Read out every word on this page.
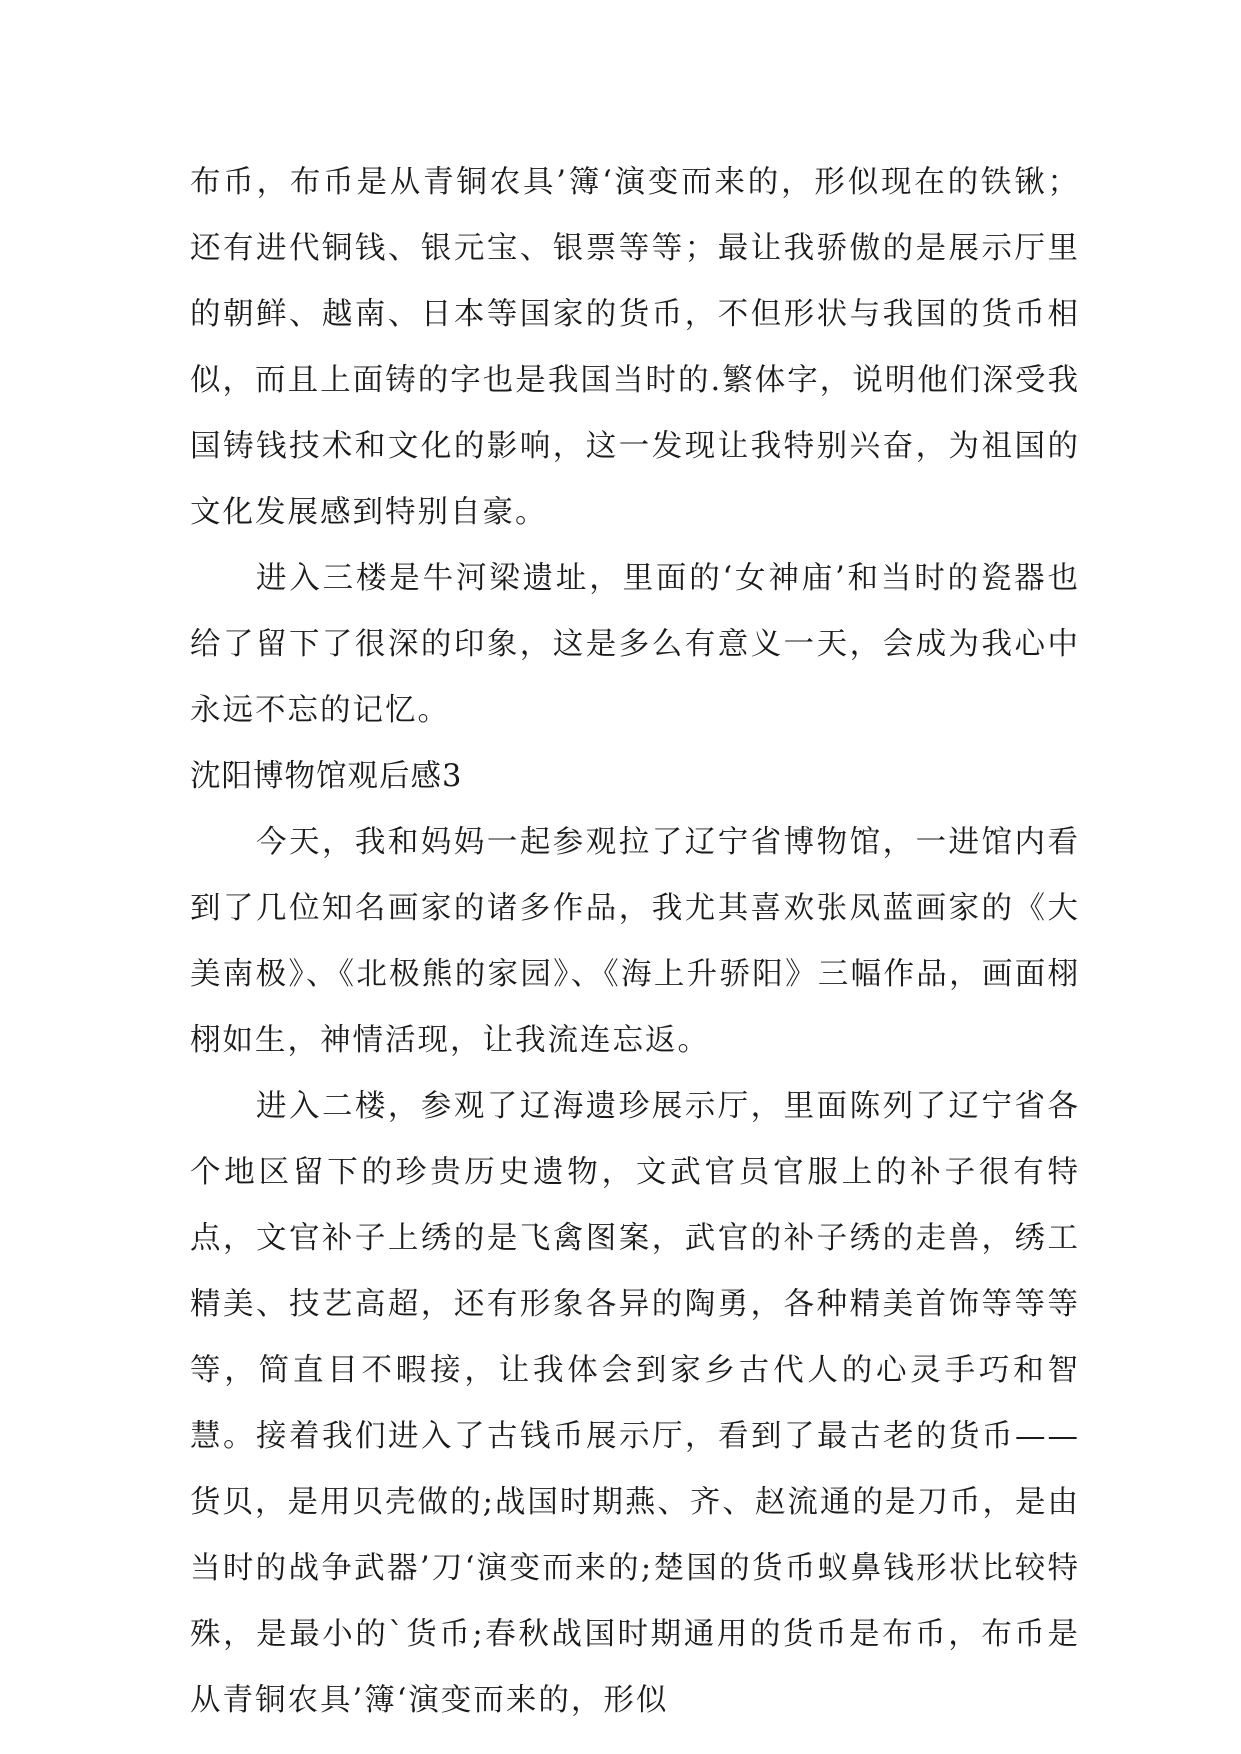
布币，布币是从青铜农具’簿‘演变而来的，形似现在的铁锹；还有进代铜钱、银元宝、银票等等；最让我骄傲的是展示厅里的朝鲜、越南、日本等国家的货币，不但形状与我国的货币相似，而且上面铸的字也是我国当时的.繁体字，说明他们深受我国铸钱技术和文化的影响，这一发现让我特别兴奋，为祖国的文化发展感到特别自豪。

进入三楼是牛河梁遗址，里面的‘女神庙’和当时的瓷器也给了留下了很深的印象，这是多么有意义一天，会成为我心中永远不忘的记忆。

沈阳博物馆观后感3

今天，我和妈妈一起参观拉了辽宁省博物馆，一进馆内看到了几位知名画家的诸多作品，我尤其喜欢张凤蓝画家的《大美南极》、《北极熊的家园》、《海上升骄阳》三幅作品，画面栩栩如生，神情活现，让我流连忘返。

进入二楼，参观了辽海遗珍展示厅，里面陈列了辽宁省各个地区留下的珍贵历史遗物，文武官员官服上的补子很有特点，文官补子上绣的是飞禽图案，武官的补子绣的走兽，绣工精美、技艺高超，还有形象各异的陶勇，各种精美首饰等等等等，简直目不暇接，让我体会到家乡古代人的心灵手巧和智慧。接着我们进入了古钱币展示厅，看到了最古老的货币——货贝，是用贝壳做的;战国时期燕、齐、赵流通的是刀币，是由当时的战争武器’刀‘演变而来的;楚国的货币蚁鼻钱形状比较特殊，是最小的`货币;春秋战国时期通用的货币是布币，布币是从青铜农具’簿‘演变而来的，形似
